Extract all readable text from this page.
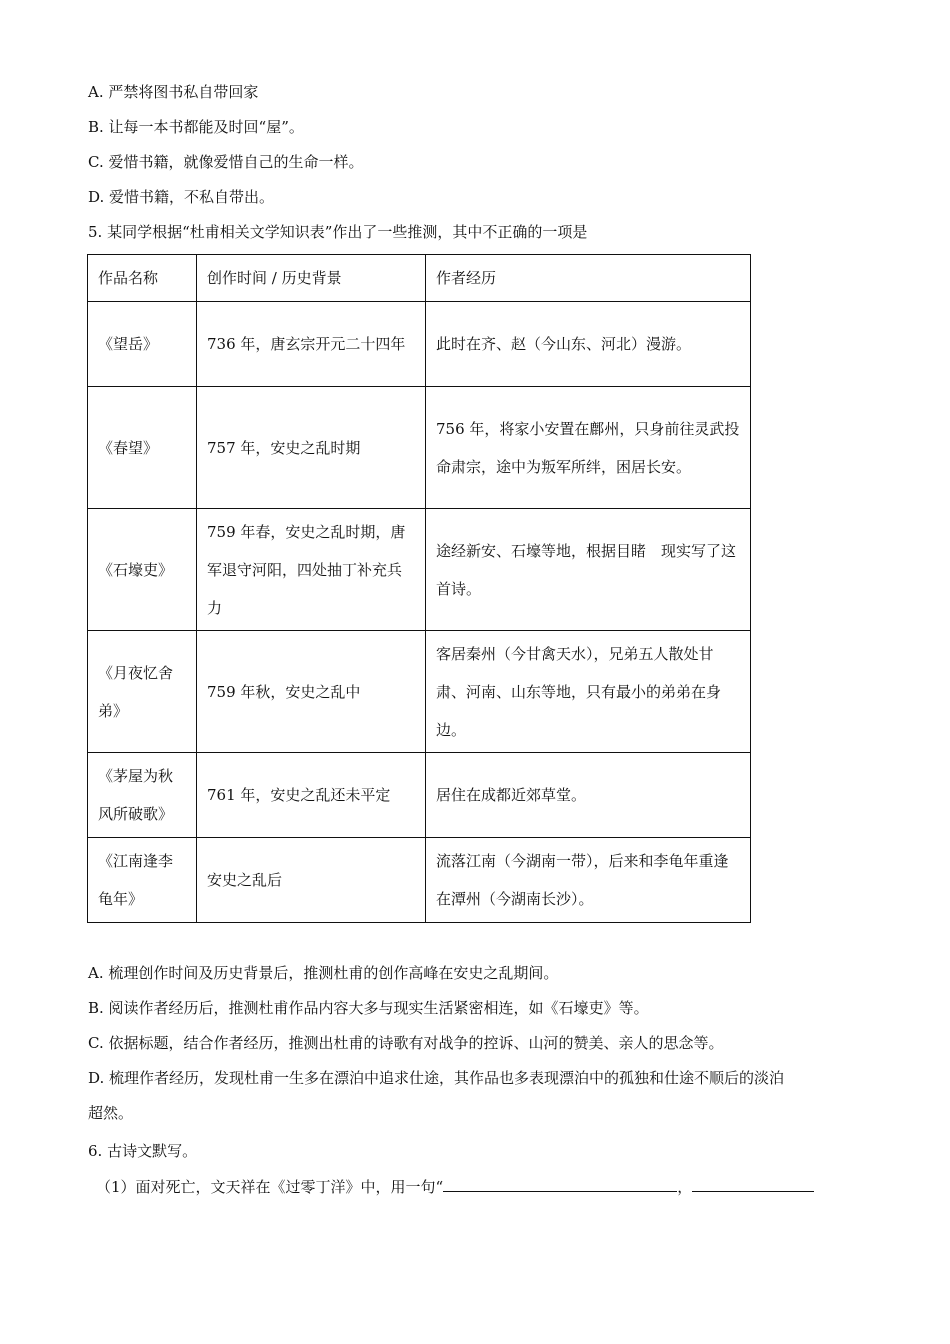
A. 严禁将图书私自带回家
B. 让每一本书都能及时回“屋”。
C. 爱惜书籍，就像爱惜自己的生命一样。
D. 爱惜书籍，不私自带出。
5. 某同学根据“杜甫相关文学知识表”作出了一些推测，其中不正确的一项是
作品名称	创作时间 / 历史背景	作者经历
《望岳》	736 年，唐玄宗开元二十四年	此时在齐、赵（今山东、河北）漫游。
《春望》	757 年，安史之乱时期	756 年，将家小安置在鄜州，只身前往灵武投命肃宗，途中为叛军所绊，困居长安。
《石壕吏》	759 年春，安史之乱时期，唐军退守河阳，四处抽丁补充兵力	途经新安、石壕等地，根据目睹　现实写了这首诗。
《月夜忆舍弟》	759 年秋，安史之乱中	客居秦州（今甘禽天水），兄弟五人散处甘肃、河南、山东等地，只有最小的弟弟在身边。
《茅屋为秋风所破歌》	761 年，安史之乱还未平定	居住在成都近郊草堂。
《江南逢李龟年》	安史之乱后	流落江南（今湖南一带），后来和李龟年重逢在潭州（今湖南长沙）。
A. 梳理创作时间及历史背景后，推测杜甫的创作高峰在安史之乱期间。
B. 阅读作者经历后，推测杜甫作品内容大多与现实生活紧密相连，如《石壕吏》等。
C. 依据标题，结合作者经历，推测出杜甫的诗歌有对战争的控诉、山河的赞美、亲人的思念等。
D. 梳理作者经历，发现杜甫一生多在漂泊中追求仕途，其作品也多表现漂泊中的孤独和仕途不顺后的淡泊
超然。
6. 古诗文默写。
（1）面对死亡，文天祥在《过零丁洋》中，用一句“	，
